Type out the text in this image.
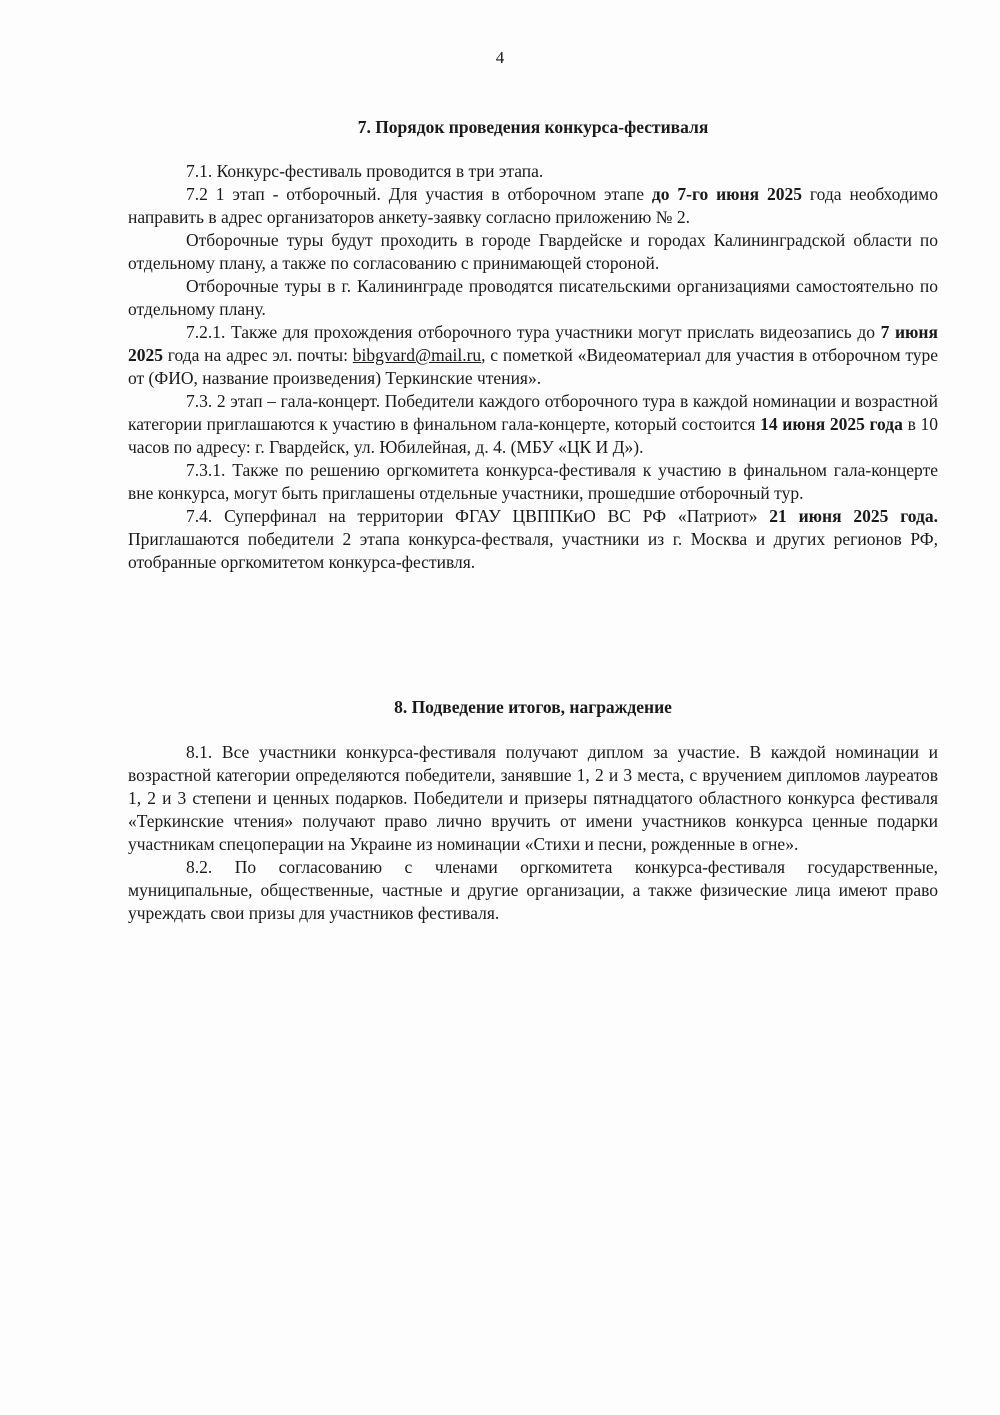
4
7. Порядок проведения конкурса-фестиваля

7.1. Конкурс-фестиваль проводится в три этапа.

7.2 1 этап - отборочный. Для участия в отборочном этапе до 7-го июня 2025 года необходимо направить в адрес организаторов анкету-заявку согласно приложению № 2.

Отборочные туры будут проходить в городе Гвардейске и городах Калининградской области по отдельному плану, а также по согласованию с принимающей стороной.

Отборочные туры в г. Калининграде проводятся писательскими организациями самостоятельно по отдельному плану.

7.2.1. Также для прохождения отборочного тура участники могут прислать видеозапись до 7 июня 2025 года на адрес эл. почты: bibgvard@mail.ru, с пометкой «Видеоматериал для участия в отборочном туре от (ФИО, название произведения) Теркинские чтения».

7.3. 2 этап – гала-концерт. Победители каждого отборочного тура в каждой номинации и возрастной категории приглашаются к участию в финальном гала-концерте, который состоится 14 июня 2025 года в 10 часов по адресу: г. Гвардейск, ул. Юбилейная, д. 4. (МБУ «ЦК И Д»).

7.3.1. Также по решению оргкомитета конкурса-фестиваля к участию в финальном гала-концерте вне конкурса, могут быть приглашены отдельные участники, прошедшие отборочный тур.

7.4. Суперфинал на территории ФГАУ ЦВППКиО ВС РФ «Патриот» 21 июня 2025 года. Приглашаются победители 2 этапа конкурса-фестваля, участники из г. Москва и других регионов РФ, отобранные оргкомитетом конкурса-фестивля.

8. Подведение итогов, награждение

8.1. Все участники конкурса-фестиваля получают диплом за участие. В каждой номинации и возрастной категории определяются победители, занявшие 1, 2 и 3 места, с вручением дипломов лауреатов 1, 2 и 3 степени и ценных подарков. Победители и призеры пятнадцатого областного конкурса фестиваля «Теркинские чтения» получают право лично вручить от имени участников конкурса ценные подарки участникам спецоперации на Украине из номинации «Стихи и песни, рожденные в огне».

8.2. По согласованию с членами оргкомитета конкурса-фестиваля государственные, муниципальные, общественные, частные и другие организации, а также физические лица имеют право учреждать свои призы для участников фестиваля.
